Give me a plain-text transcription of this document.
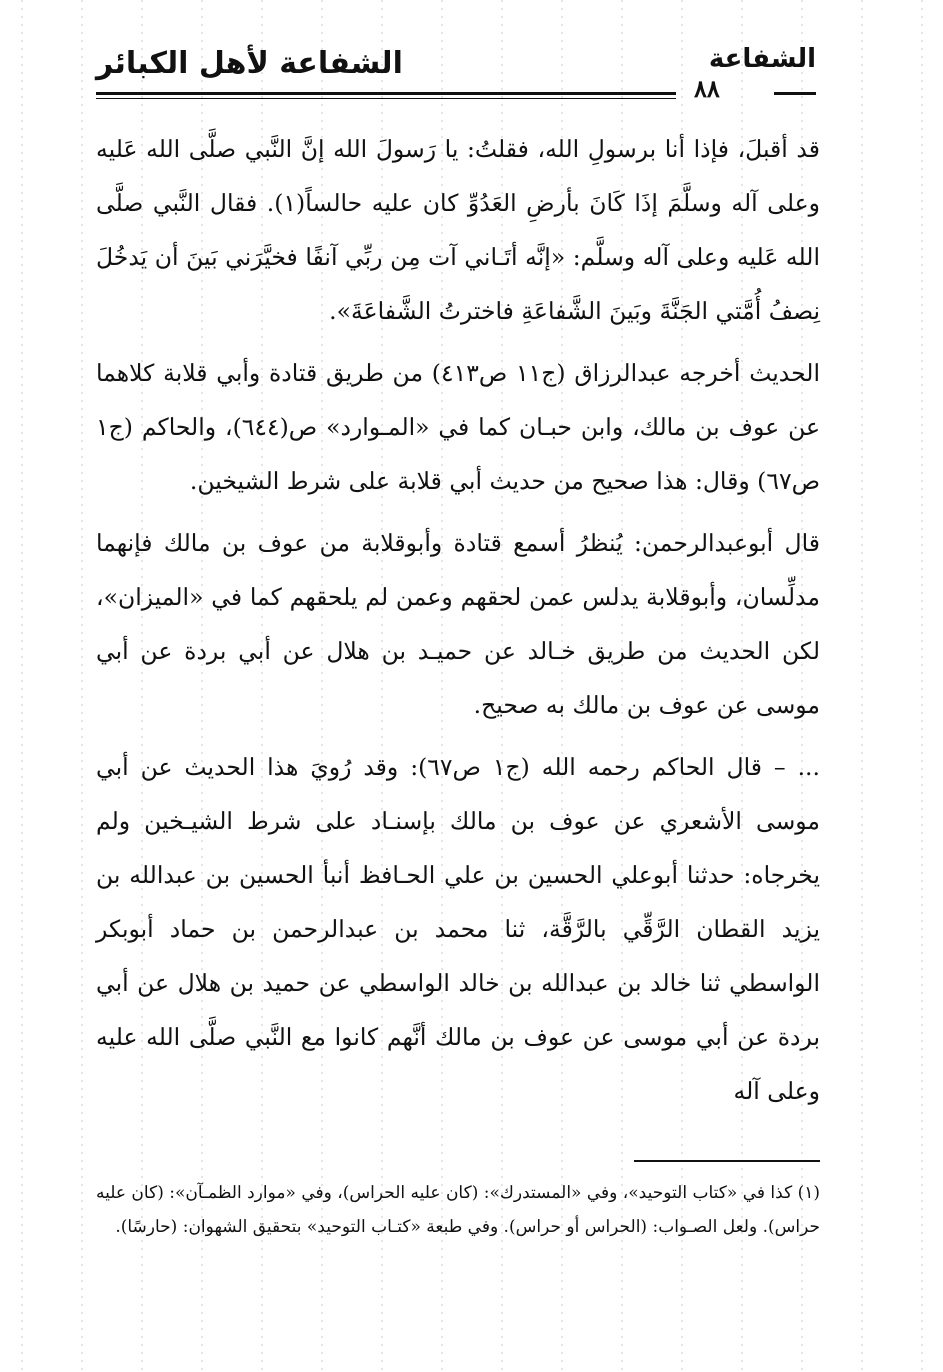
الشفاعة لأهل الكبائر	الشفاعة
٨٨

قد أقبلَ، فإذا أنا برسولِ الله، فقلتُ: يا رَسولَ الله إنَّ النَّبي صلَّى الله عَليه وعلى آله وسلَّمَ إذَا كَانَ بأرضِ العَدُوِّ كان عليه حالساً(١). فقال النَّبي صلَّى الله عَليه وعلى آله وسلَّم: «إنَّه أتَـاني آت مِن ربِّي آنفًا فخيَّرَني بَينَ أن يَدخُلَ نِصفُ أُمَّتي الجَنَّةَ وبَينَ الشَّفاعَةِ فاخترتُ الشَّفاعَةَ».

الحديث أخرجه عبدالرزاق (ج١١ ص٤١٣) من طريق قتادة وأبي قلابة كلاهما عن عوف بن مالك، وابن حبـان كما في «المـوارد» ص(٦٤٤)، والحاكم (ج١ ص٦٧) وقال: هذا صحيح من حديث أبي قلابة على شرط الشيخين.

قال أبوعبدالرحمن: يُنظرُ أسمع قتادة وأبوقلابة من عوف بن مالك فإنهما مدلِّسان، وأبوقلابة يدلس عمن لحقهم وعمن لم يلحقهم كما في «الميزان»، لكن الحديث من طريق خـالد عن حميـد بن هلال عن أبي بردة عن أبي موسى عن عوف بن مالك به صحيح.

... – قال الحاكم رحمه الله (ج١ ص٦٧): وقد رُويَ هذا الحديث عن أبي موسى الأشعري عن عوف بن مالك بإسنـاد على شرط الشيـخين ولم يخرجاه: حدثنا أبوعلي الحسين بن علي الحـافظ أنبأ الحسين بن عبدالله بن يزيد القطان الرَّقِّي بالرَّقَّة، ثنا محمد بن عبدالرحمن بن حماد أبوبكر الواسطي ثنا خالد بن عبدالله بن خالد الواسطي عن حميد بن هلال عن أبي بردة عن أبي موسى عن عوف بن مالك أنَّهم كانوا مع النَّبي صلَّى الله عليه وعلى آله

(١) كذا في «كتاب التوحيد»، وفي «المستدرك»: (كان عليه الحراس)، وفي «موارد الظمـآن»: (كان عليه حراس). ولعل الصـواب: (الحراس أو حراس). وفي طبعة «كتـاب التوحيد» بتحقيق الشهوان: (حارسًا).
